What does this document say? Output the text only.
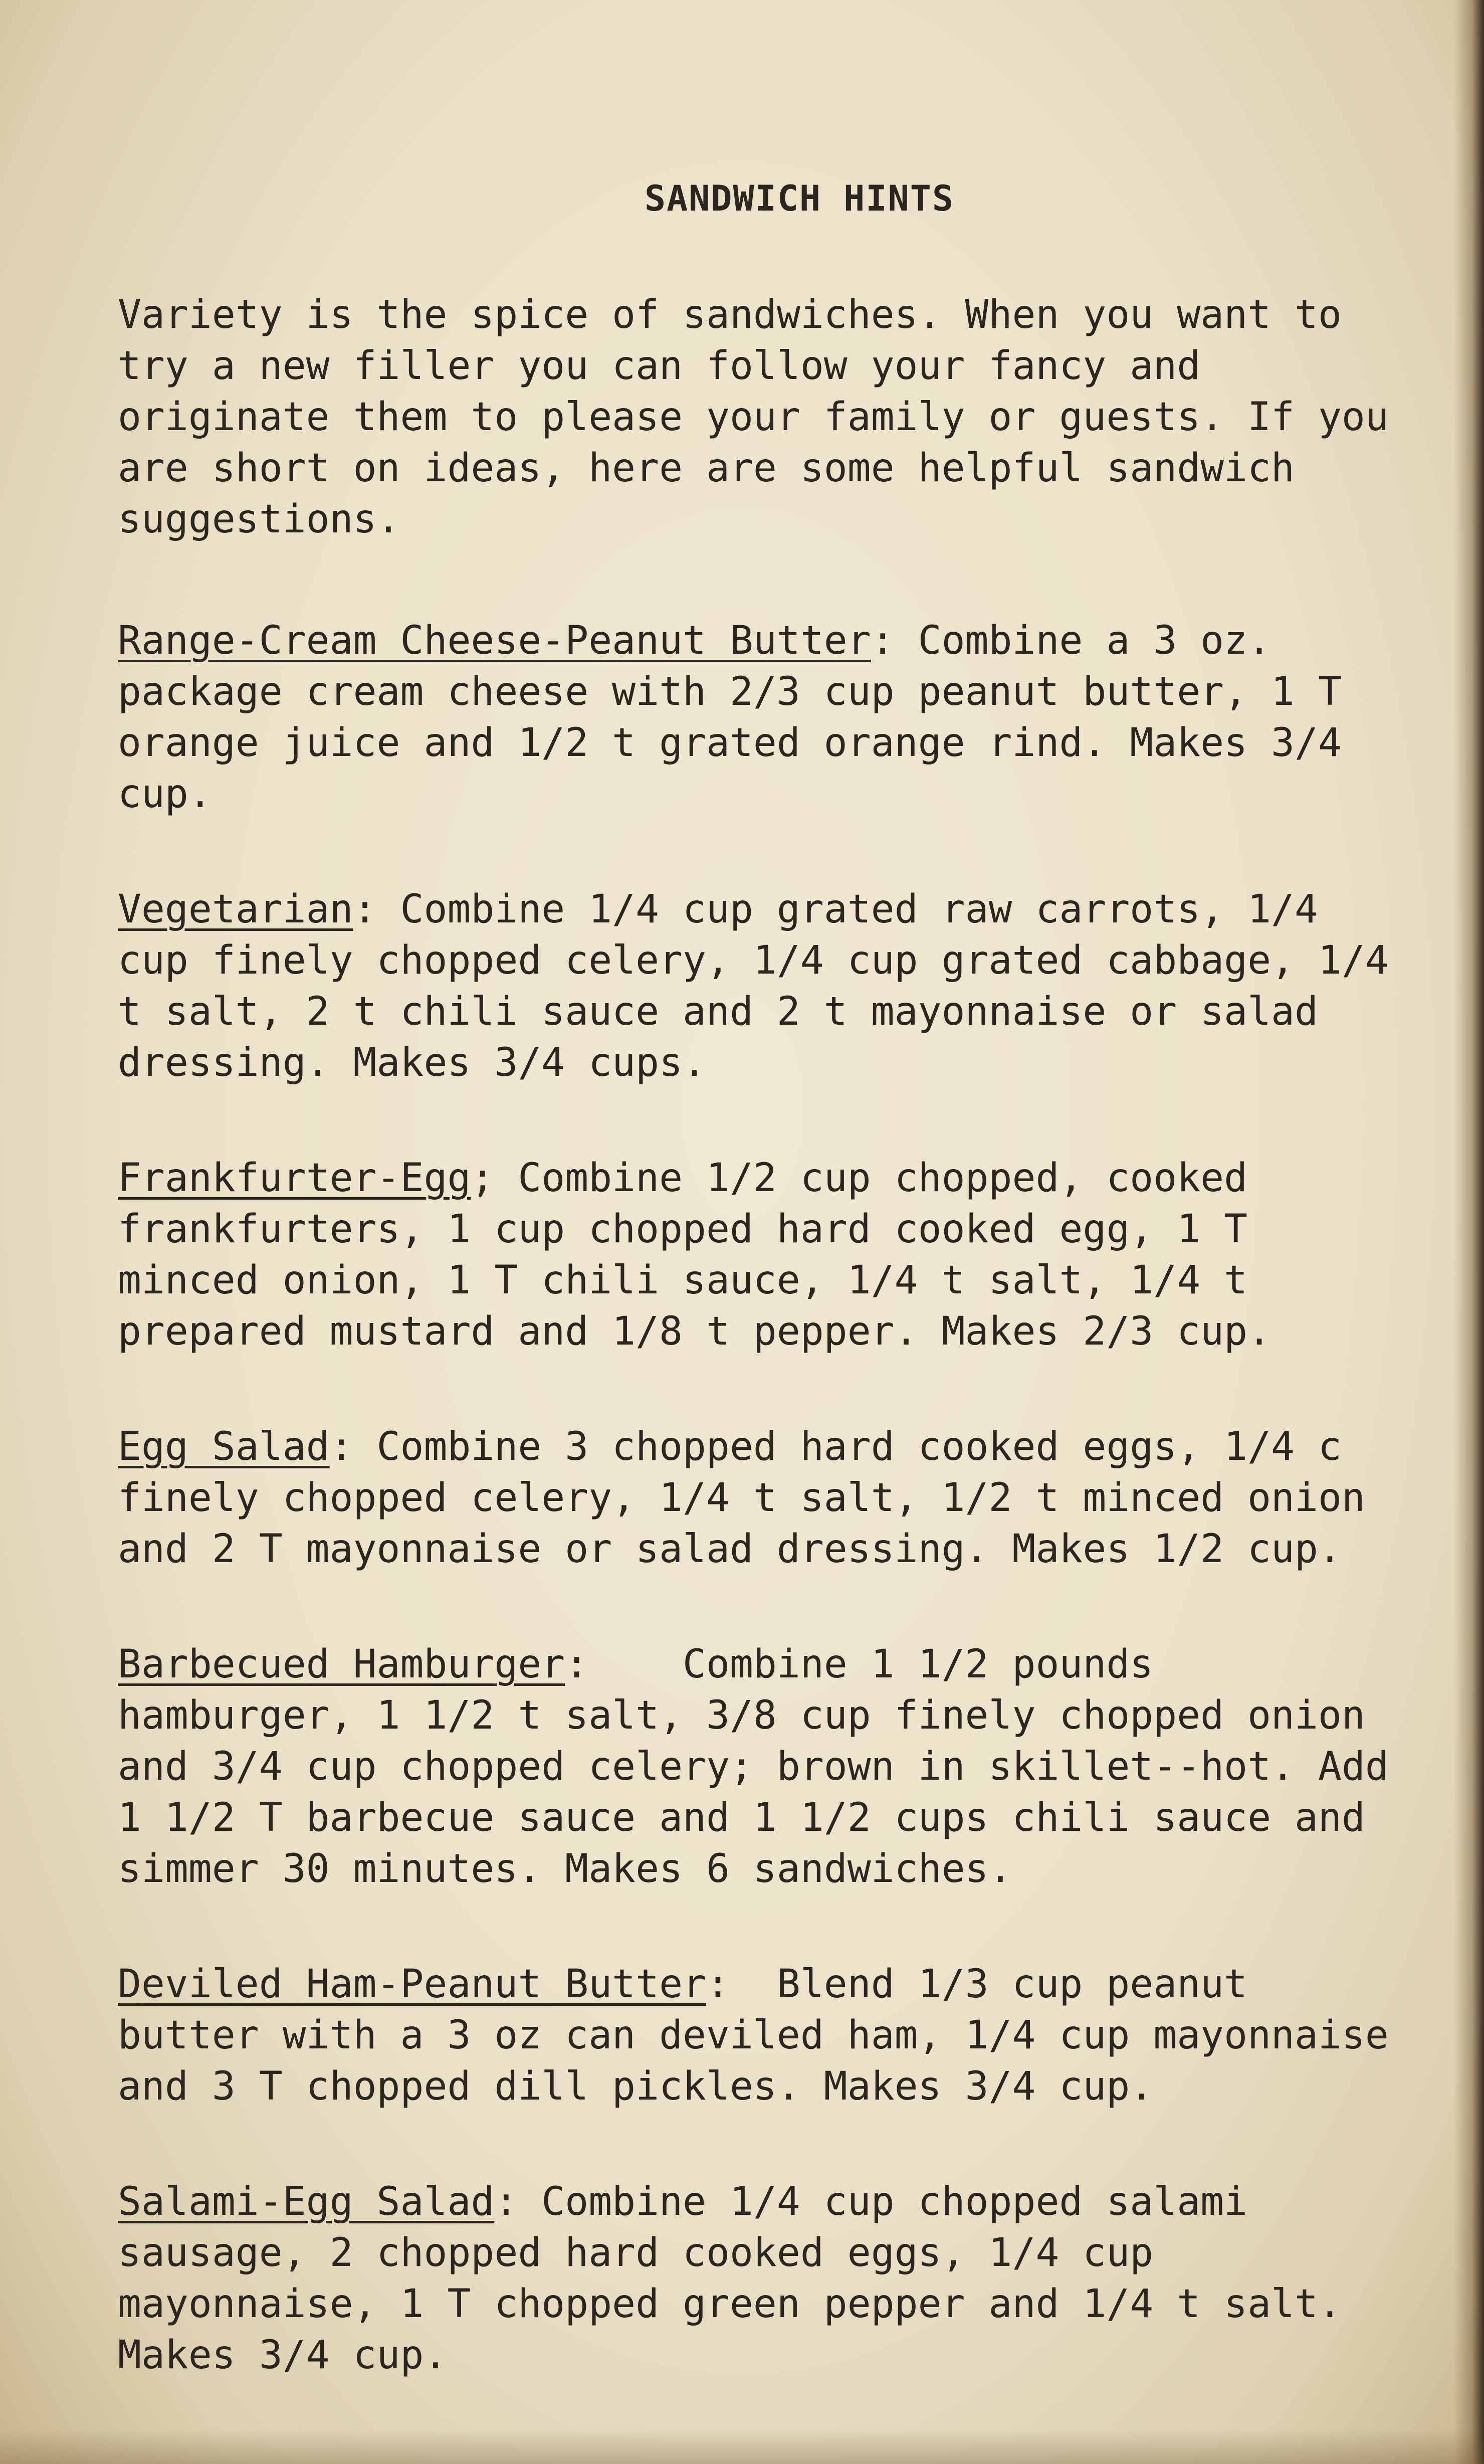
SANDWICH HINTS
Variety is the spice of sandwiches. When you want to try a new filler you can follow your fancy and originate them to please your family or guests. If you are short on ideas, here are some helpful sandwich suggestions.
Range-Cream Cheese-Peanut Butter: Combine a 3 oz. package cream cheese with 2/3 cup peanut butter, 1 T orange juice and 1/2 t grated orange rind. Makes 3/4 cup.
Vegetarian: Combine 1/4 cup grated raw carrots, 1/4 cup finely chopped celery, 1/4 cup grated cabbage, 1/4 t salt, 2 t chili sauce and 2 t mayonnaise or salad dressing. Makes 3/4 cups.
Frankfurter-Egg; Combine 1/2 cup chopped, cooked frankfurters, 1 cup chopped hard cooked egg, 1 T minced onion, 1 T chili sauce, 1/4 t salt, 1/4 t prepared mustard and 1/8 t pepper. Makes 2/3 cup.
Egg Salad: Combine 3 chopped hard cooked eggs, 1/4 c finely chopped celery, 1/4 t salt, 1/2 t minced onion and 2 T mayonnaise or salad dressing. Makes 1/2 cup.
Barbecued Hamburger:    Combine 1 1/2 pounds hamburger, 1 1/2 t salt, 3/8 cup finely chopped onion and 3/4 cup chopped celery; brown in skillet--hot. Add 1 1/2 T barbecue sauce and 1 1/2 cups chili sauce and simmer 30 minutes. Makes 6 sandwiches.
Deviled Ham-Peanut Butter:  Blend 1/3 cup peanut butter with a 3 oz can deviled ham, 1/4 cup mayonnaise and 3 T chopped dill pickles. Makes 3/4 cup.
Salami-Egg Salad: Combine 1/4 cup chopped salami sausage, 2 chopped hard cooked eggs, 1/4 cup mayonnaise, 1 T chopped green pepper and 1/4 t salt. Makes 3/4 cup.
